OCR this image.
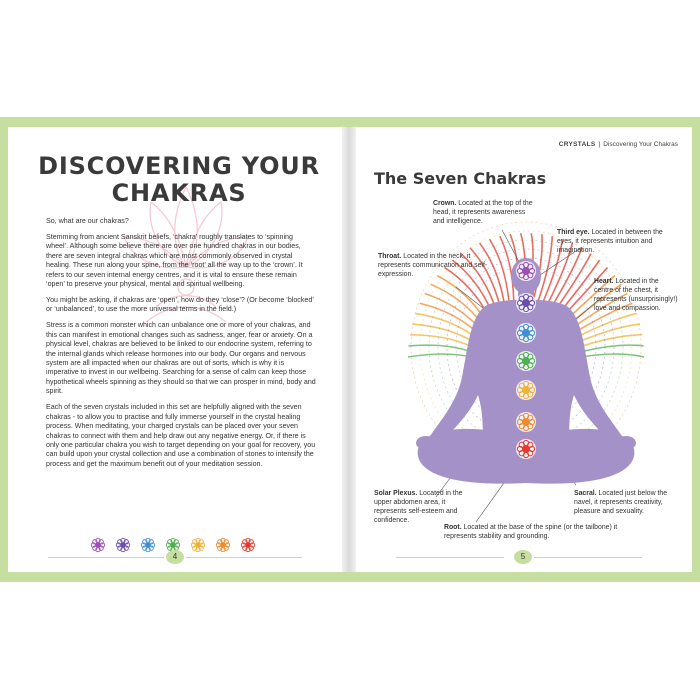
DISCOVERING YOUR
CHAKRAS

So, what are our chakras?

Stemming from ancient Sanskrit beliefs, ‘chakra’ roughly translates to ‘spinning wheel’. Although some believe there are over one hundred chakras in our bodies, there are seven integral chakras which are most commonly observed in crystal healing. These run along your spine, from the ‘root’ all the way up to the ‘crown’. It refers to our seven internal energy centres, and it is vital to ensure these remain ‘open’ to preserve your physical, mental and spiritual wellbeing.

You might be asking, if chakras are ‘open’, how do they ‘close’? (Or become ‘blocked’ or ‘unbalanced’, to use the more universal terms in the field.)

Stress is a common monster which can unbalance one or more of your chakras, and this can manifest in emotional changes such as sadness, anger, fear or anxiety. On a physical level, chakras are believed to be linked to our endocrine system, referring to the internal glands which release hormones into our body. Our organs and nervous system are all impacted when our chakras are out of sorts, which is why it is imperative to invest in our wellbeing. Searching for a sense of calm can keep those hypothetical wheels spinning as they should so that we can prosper in mind, body and spirit.

Each of the seven crystals included in this set are helpfully aligned with the seven chakras - to allow you to practise and fully immerse yourself in the crystal healing process. When meditating, your charged crystals can be placed over your seven chakras to connect with them and help draw out any negative energy. Or, if there is only one particular chakra you wish to target depending on your goal for recovery, you can build upon your crystal collection and use a combination of stones to intensify the process and get the maximum benefit out of your meditation session.

4
CRYSTALS | Discovering Your Chakras
The Seven Chakras
Crown. Located at the top of the head, it represents awareness and intelligence.
Third eye. Located in between the eyes, it represents intuition and imagination.
Throat. Located in the neck, it represents communication and self-expression.
Heart. Located in the centre of the chest, it represents (unsurprisingly!) love and compassion.
Solar Plexus. Located in the upper abdomen area, it represents self-esteem and confidence.
Sacral. Located just below the navel, it represents creativity, pleasure and sexuality.
Root. Located at the base of the spine (or the tailbone) it represents stability and grounding.
5
